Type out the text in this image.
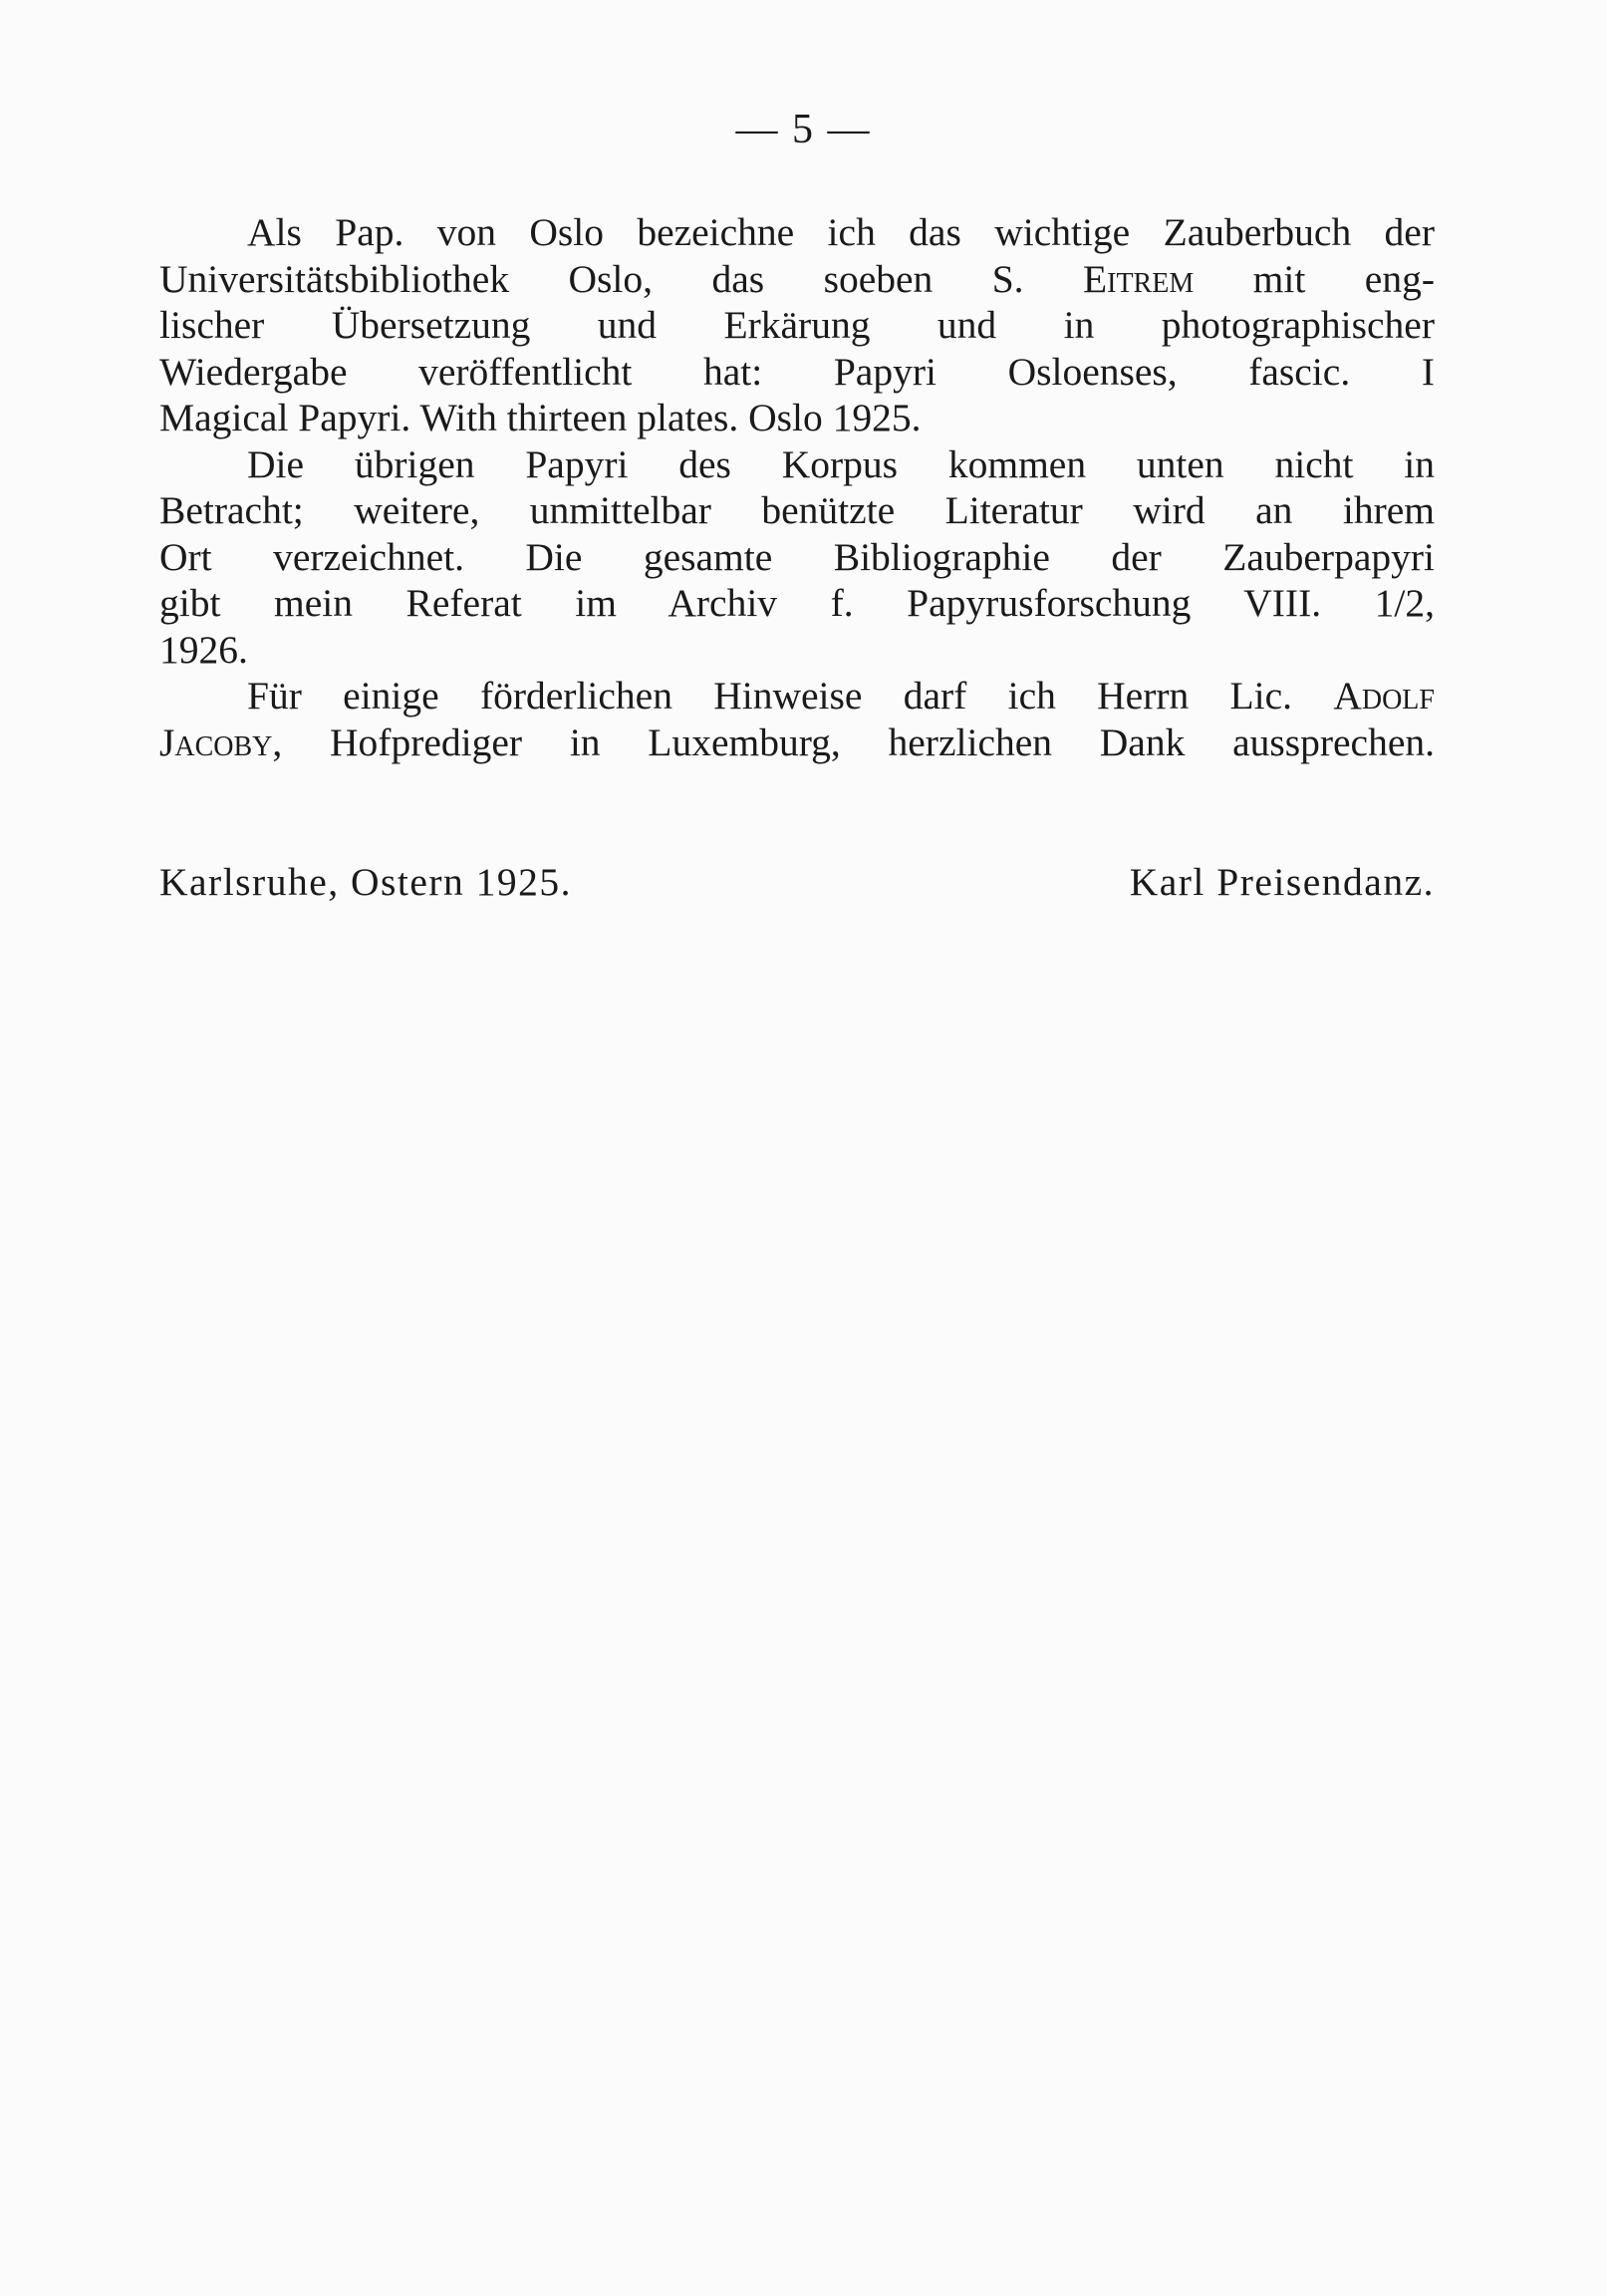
— 5 —
Als Pap. von Oslo bezeichne ich das wichtige Zauberbuch der
Universitätsbibliothek Oslo, das soeben S. Eitrem mit eng-
lischer Übersetzung und Erkärung und in photographischer
Wiedergabe veröffentlicht hat: Papyri Osloenses, fascic. I
Magical Papyri. With thirteen plates. Oslo 1925.
Die übrigen Papyri des Korpus kommen unten nicht in
Betracht; weitere, unmittelbar benützte Literatur wird an ihrem
Ort verzeichnet. Die gesamte Bibliographie der Zauberpapyri
gibt mein Referat im Archiv f. Papyrusforschung VIII. 1/2,
1926.
Für einige förderlichen Hinweise darf ich Herrn Lic. Adolf
Jacoby, Hofprediger in Luxemburg, herzlichen Dank aussprechen.
Karlsruhe, Ostern 1925.	Karl Preisendanz.
